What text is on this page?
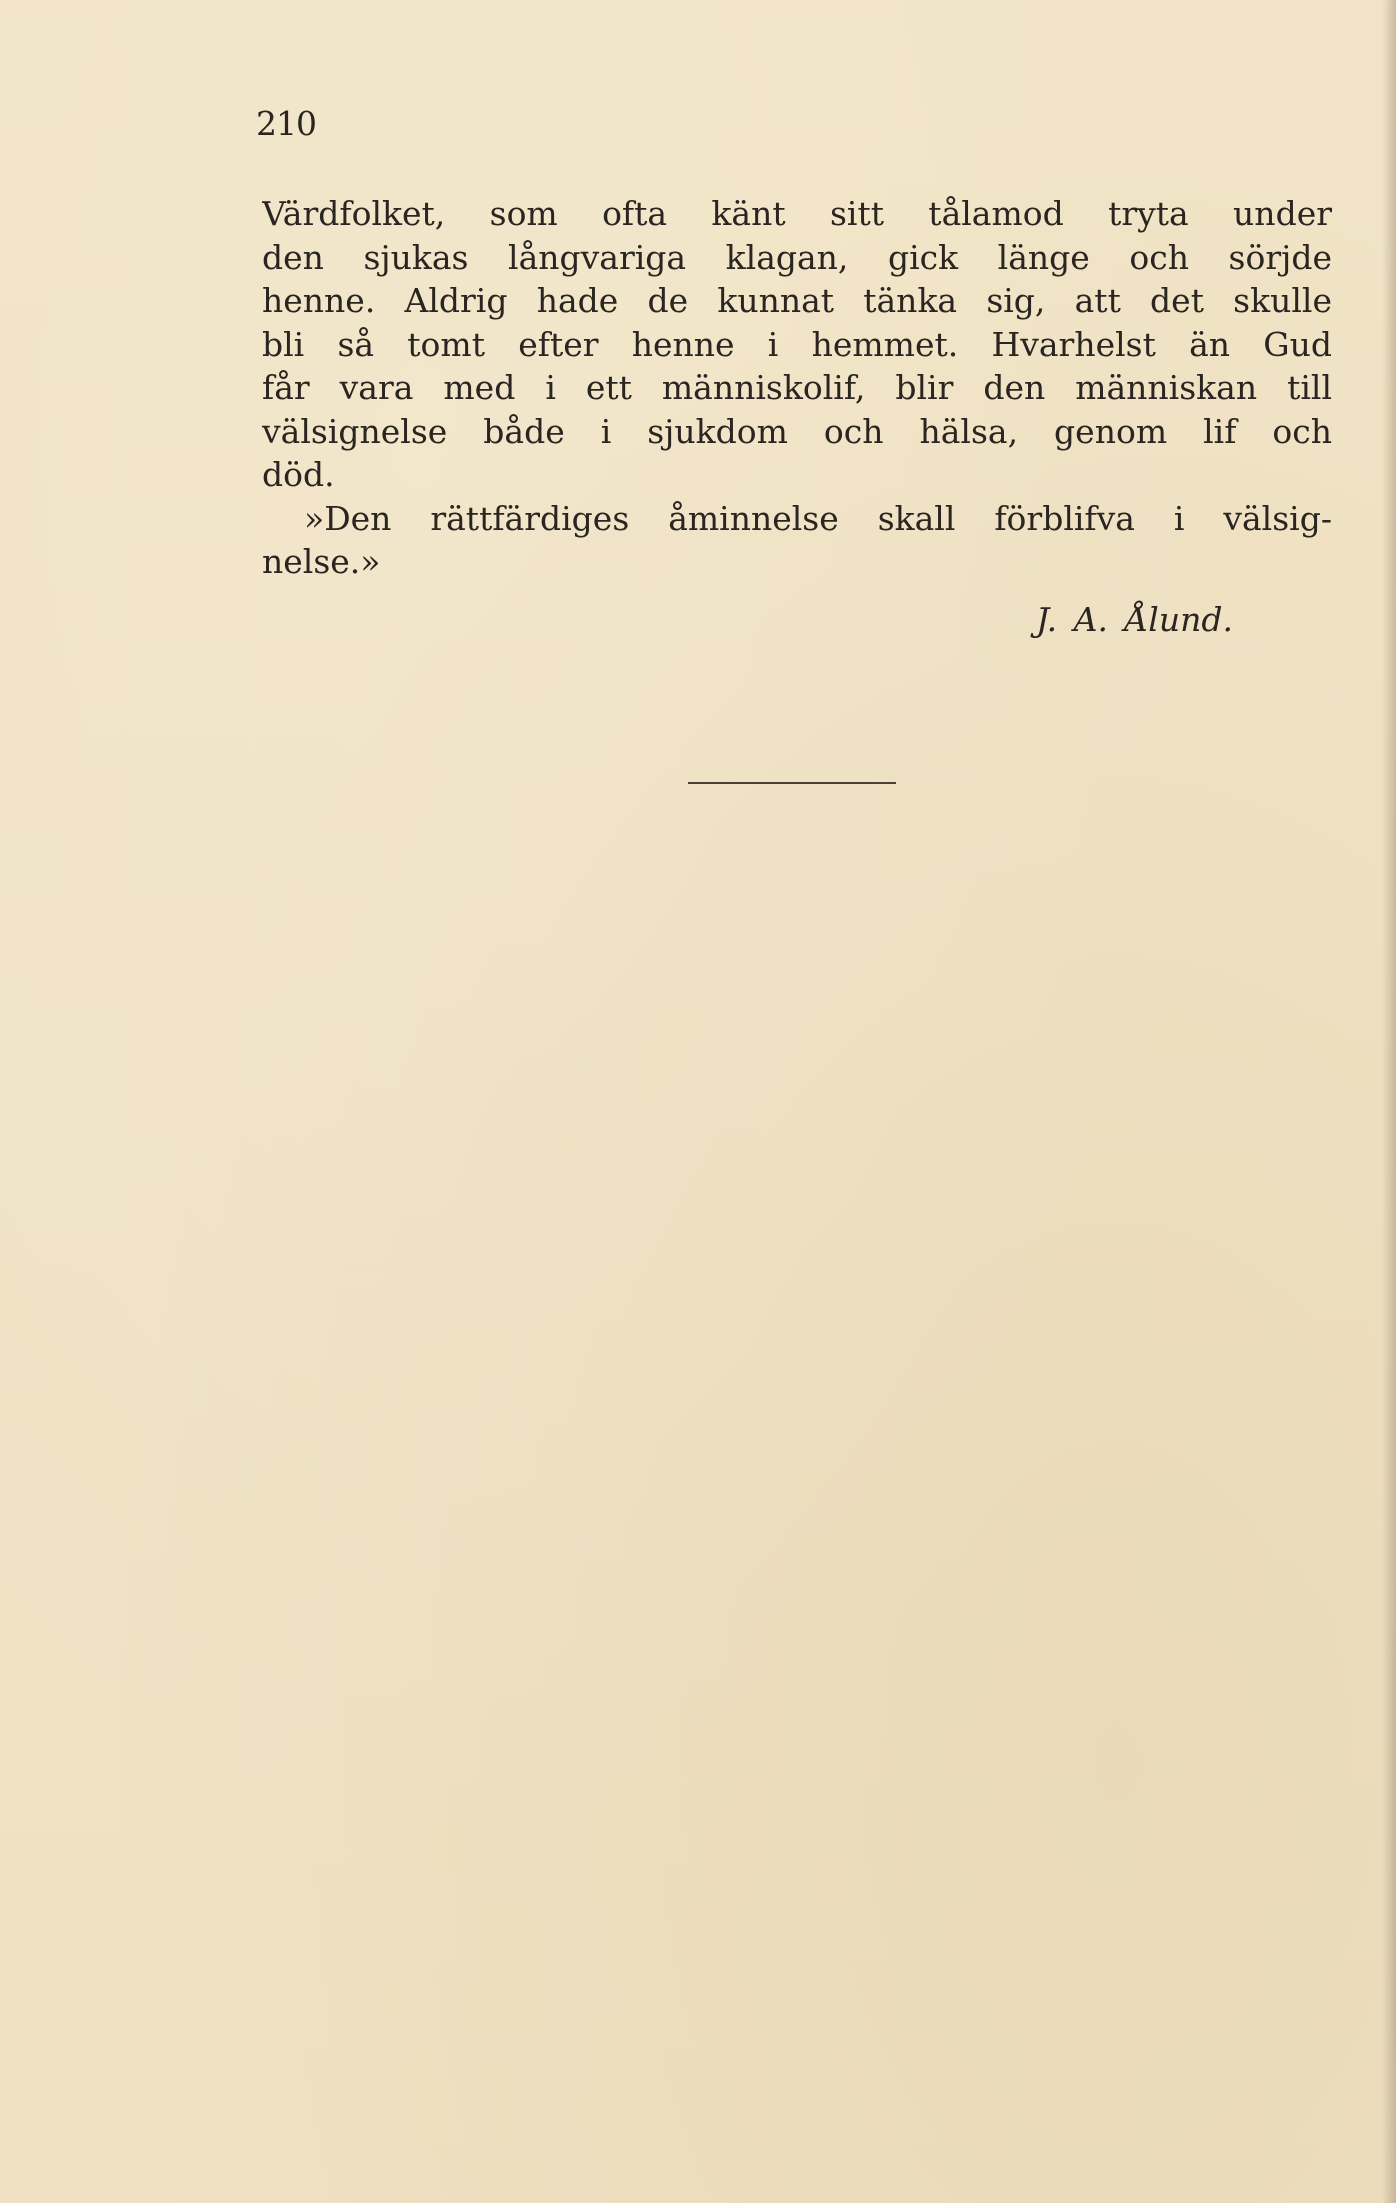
210
Värdfolket, som ofta känt sitt tålamod tryta under
den sjukas långvariga klagan, gick länge och sörjde
henne. Aldrig hade de kunnat tänka sig, att det skulle
bli så tomt efter henne i hemmet. Hvarhelst än Gud
får vara med i ett människolif, blir den människan till
välsignelse både i sjukdom och hälsa, genom lif och
död.
»Den rättfärdiges åminnelse skall förblifva i välsig-
nelse.»
J. A. Ålund.
